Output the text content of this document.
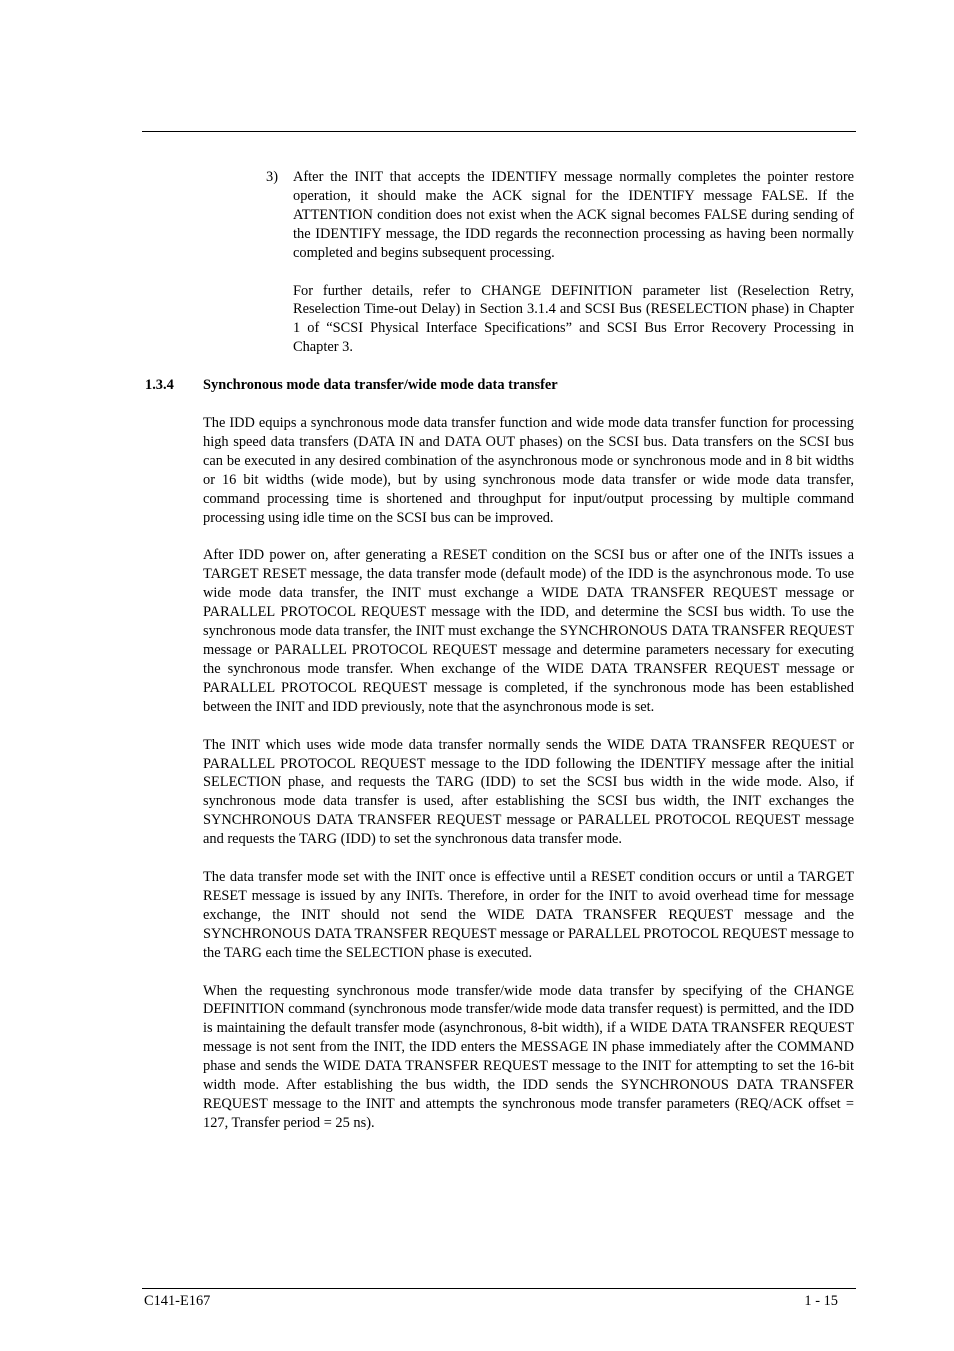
3)	After the INIT that accepts the IDENTIFY message normally completes the pointer restore operation, it should make the ACK signal for the IDENTIFY message FALSE. If the ATTENTION condition does not exist when the ACK signal becomes FALSE during sending of the IDENTIFY message, the IDD regards the reconnection processing as having been normally completed and begins subsequent processing.

For further details, refer to CHANGE DEFINITION parameter list (Reselection Retry, Reselection Time-out Delay) in Section 3.1.4 and SCSI Bus (RESELECTION phase) in Chapter 1 of “SCSI Physical Interface Specifications” and SCSI Bus Error Recovery Processing in Chapter 3.

1.3.4 Synchronous mode data transfer/wide mode data transfer

The IDD equips a synchronous mode data transfer function and wide mode data transfer function for processing high speed data transfers (DATA IN and DATA OUT phases) on the SCSI bus. Data transfers on the SCSI bus can be executed in any desired combination of the asynchronous mode or synchronous mode and in 8 bit widths or 16 bit widths (wide mode), but by using synchronous mode data transfer or wide mode data transfer, command processing time is shortened and throughput for input/output processing by multiple command processing using idle time on the SCSI bus can be improved.

After IDD power on, after generating a RESET condition on the SCSI bus or after one of the INITs issues a TARGET RESET message, the data transfer mode (default mode) of the IDD is the asynchronous mode. To use wide mode data transfer, the INIT must exchange a WIDE DATA TRANSFER REQUEST message or PARALLEL PROTOCOL REQUEST message with the IDD, and determine the SCSI bus width. To use the synchronous mode data transfer, the INIT must exchange the SYNCHRONOUS DATA TRANSFER REQUEST message or PARALLEL PROTOCOL REQUEST message and determine parameters necessary for executing the synchronous mode transfer. When exchange of the WIDE DATA TRANSFER REQUEST message or PARALLEL PROTOCOL REQUEST message is completed, if the synchronous mode has been established between the INIT and IDD previously, note that the asynchronous mode is set.

The INIT which uses wide mode data transfer normally sends the WIDE DATA TRANSFER REQUEST or PARALLEL PROTOCOL REQUEST message to the IDD following the IDENTIFY message after the initial SELECTION phase, and requests the TARG (IDD) to set the SCSI bus width in the wide mode. Also, if synchronous mode data transfer is used, after establishing the SCSI bus width, the INIT exchanges the SYNCHRONOUS DATA TRANSFER REQUEST message or PARALLEL PROTOCOL REQUEST message and requests the TARG (IDD) to set the synchronous data transfer mode.

The data transfer mode set with the INIT once is effective until a RESET condition occurs or until a TARGET RESET message is issued by any INITs. Therefore, in order for the INIT to avoid overhead time for message exchange, the INIT should not send the WIDE DATA TRANSFER REQUEST message and the SYNCHRONOUS DATA TRANSFER REQUEST message or PARALLEL PROTOCOL REQUEST message to the TARG each time the SELECTION phase is executed.

When the requesting synchronous mode transfer/wide mode data transfer by specifying of the CHANGE DEFINITION command (synchronous mode transfer/wide mode data transfer request) is permitted, and the IDD is maintaining the default transfer mode (asynchronous, 8-bit width), if a WIDE DATA TRANSFER REQUEST message is not sent from the INIT, the IDD enters the MESSAGE IN phase immediately after the COMMAND phase and sends the WIDE DATA TRANSFER REQUEST message to the INIT for attempting to set the 16-bit width mode. After establishing the bus width, the IDD sends the SYNCHRONOUS DATA TRANSFER REQUEST message to the INIT and attempts the synchronous mode transfer parameters (REQ/ACK offset = 127, Transfer period = 25 ns).

C141-E167	1 - 15
